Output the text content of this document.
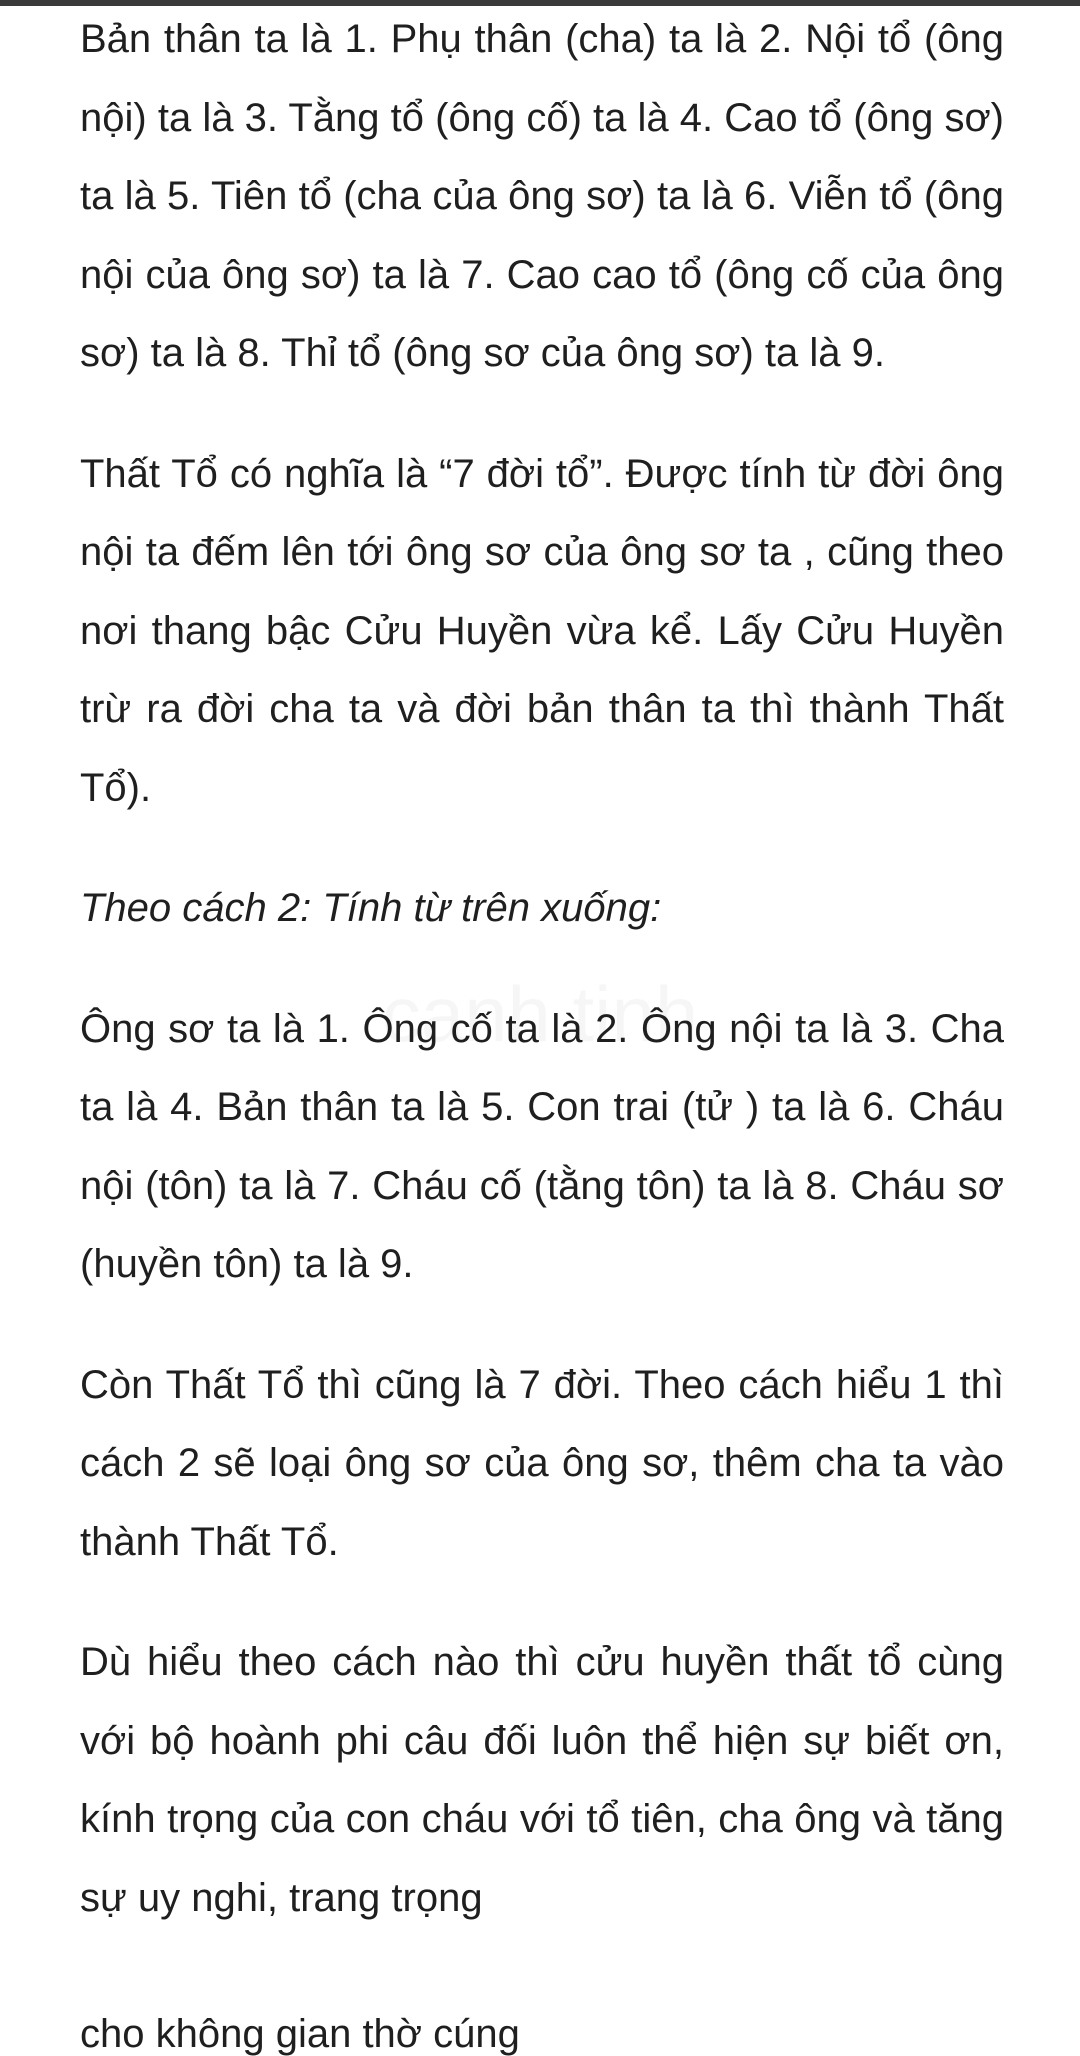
Bản thân ta là 1. Phụ thân (cha) ta là 2. Nội tổ (ông nội) ta là 3. Tằng tổ (ông cố) ta là 4. Cao tổ (ông sơ) ta là 5. Tiên tổ (cha của ông sơ) ta là 6. Viễn tổ (ông nội của ông sơ) ta là 7. Cao cao tổ (ông cố của ông sơ) ta là 8. Thỉ tổ (ông sơ của ông sơ) ta là 9.

Thất Tổ có nghĩa là “7 đời tổ”. Được tính từ đời ông nội ta đếm lên tới ông sơ của ông sơ ta , cũng theo nơi thang bậc Cửu Huyền vừa kể. Lấy Cửu Huyền trừ ra đời cha ta và đời bản thân ta thì thành Thất Tổ).

Theo cách 2: Tính từ trên xuống:

Ông sơ ta là 1. Ông cố ta là 2. Ông nội ta là 3. Cha ta là 4. Bản thân ta là 5. Con trai (tử ) ta là 6. Cháu nội (tôn) ta là 7. Cháu cố (tằng tôn) ta là 8. Cháu sơ (huyền tôn) ta là 9.

Còn Thất Tổ thì cũng là 7 đời. Theo cách hiểu 1 thì cách 2 sẽ loại ông sơ của ông sơ, thêm cha ta vào thành Thất Tổ.

Dù hiểu theo cách nào thì cửu huyền thất tổ cùng với bộ hoành phi câu đối luôn thể hiện sự biết ơn, kính trọng của con cháu với tổ tiên, cha ông và tăng sự uy nghi, trang trọng

cho không gian thờ cúng
